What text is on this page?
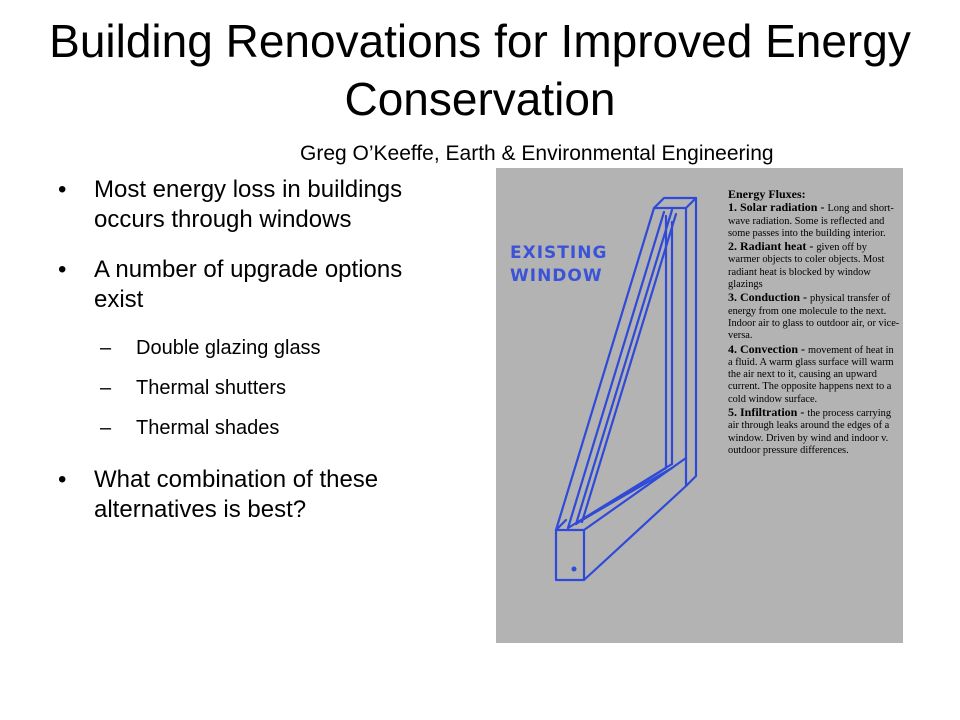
Building Renovations for Improved Energy Conservation
Greg O’Keeffe, Earth & Environmental Engineering
• Most energy loss in buildings occurs through windows
• A number of upgrade options exist
– Double glazing glass
– Thermal shutters
– Thermal shades
• What combination of these alternatives is best?
EXISTING WINDOW
Energy Fluxes:
1. Solar radiation - Long and short-wave radiation. Some is reflected and some passes into the building interior.
2. Radiant heat - given off by warmer objects to coler objects. Most radiant heat is blocked by window glazings
3. Conduction - physical transfer of energy from one molecule to the next. Indoor air to glass to outdoor air, or vice-versa.
4. Convection - movement of heat in a fluid. A warm glass surface will warm the air next to it, causing an upward current. The opposite happens next to a cold window surface.
5. Infiltration - the process carrying air through leaks around the edges of a window. Driven by wind and indoor v. outdoor pressure differences.
